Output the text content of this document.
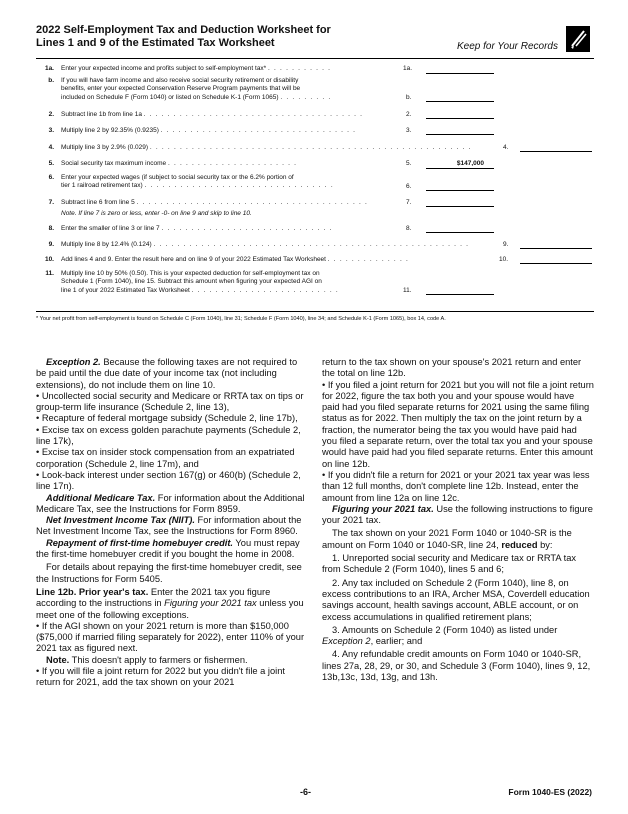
2022 Self-Employment Tax and Deduction Worksheet for
Lines 1 and 9 of the Estimated Tax Worksheet	Keep for Your Records
1a. Enter your expected income and profits subject to self-employment tax* . . . . . . . . . . .	1a.
b. If you will have farm income and also receive social security retirement or disability
benefits, enter your expected Conservation Reserve Program payments that will be
included on Schedule F (Form 1040) or listed on Schedule K-1 (Form 1065) . . . . . . . . .	b.
2. Subtract line 1b from line 1a . . . . . . . . . . . . . . . . . . . . . . . . . . . . . . . . . . . . .	2.
3. Multiply line 2 by 92.35% (0.9235) . . . . . . . . . . . . . . . . . . . . . . . . . . . . . . . . .	3.
4. Multiply line 3 by 2.9% (0.029) . . . . . . . . . . . . . . . . . . . . . . . . . . . . . . . . . . . . . . . . . . . . . . . . . . . . . .	4.
5. Social security tax maximum income . . . . . . . . . . . . . . . . . . . . . .	5.	$147,000
6. Enter your expected wages (if subject to social security tax or the 6.2% portion of
tier 1 railroad retirement tax) . . . . . . . . . . . . . . . . . . . . . . . . . . . . . . . .	6.
7. Subtract line 6 from line 5 . . . . . . . . . . . . . . . . . . . . . . . . . . . . . . . . . . . . . . .	7.
Note. If line 7 is zero or less, enter -0- on line 9 and skip to line 10.
8. Enter the smaller of line 3 or line 7 . . . . . . . . . . . . . . . . . . . . . . . . . . . . .	8.
9. Multiply line 8 by 12.4% (0.124) . . . . . . . . . . . . . . . . . . . . . . . . . . . . . . . . . . . . . . . . . . . . . . . . . . . . .	9.
10. Add lines 4 and 9. Enter the result here and on line 9 of your 2022 Estimated Tax Worksheet . . . . . . . . . . . . . .	10.
11. Multiply line 10 by 50% (0.50). This is your expected deduction for self-employment tax on
Schedule 1 (Form 1040), line 15. Subtract this amount when figuring your expected AGI on
line 1 of your 2022 Estimated Tax Worksheet . . . . . . . . . . . . . . . . . . . . . . . . .	11.
* Your net profit from self-employment is found on Schedule C (Form 1040), line 31; Schedule F (Form 1040), line 34; and Schedule K-1 (Form 1065), box 14, code A.

Exception 2. Because the following taxes are not required to be paid until the due date of your income tax (not including extensions), do not include them on line 10.

• Uncollected social security and Medicare or RRTA tax on tips or group-term life insurance (Schedule 2, line 13),

• Recapture of federal mortgage subsidy (Schedule 2, line 17b),

• Excise tax on excess golden parachute payments (Schedule 2, line 17k),

• Excise tax on insider stock compensation from an expatriated corporation (Schedule 2, line 17m), and

• Look-back interest under section 167(g) or 460(b) (Schedule 2, line 17n).

Additional Medicare Tax. For information about the Additional Medicare Tax, see the Instructions for Form 8959.

Net Investment Income Tax (NIIT). For information about the Net Investment Income Tax, see the Instructions for Form 8960.

Repayment of first-time homebuyer credit. You must repay the first-time homebuyer credit if you bought the home in 2008.

For details about repaying the first-time homebuyer credit, see the Instructions for Form 5405.

Line 12b. Prior year's tax. Enter the 2021 tax you figure according to the instructions in Figuring your 2021 tax unless you meet one of the following exceptions.

• If the AGI shown on your 2021 return is more than $150,000 ($75,000 if married filing separately for 2022), enter 110% of your 2021 tax as figured next.

Note. This doesn't apply to farmers or fishermen.

• If you will file a joint return for 2022 but you didn't file a joint return for 2021, add the tax shown on your 2021

return to the tax shown on your spouse's 2021 return and enter the total on line 12b.

• If you filed a joint return for 2021 but you will not file a joint return for 2022, figure the tax both you and your spouse would have paid had you filed separate returns for 2021 using the same filing status as for 2022. Then multiply the tax on the joint return by a fraction, the numerator being the tax you would have paid had you filed a separate return, over the total tax you and your spouse would have paid had you filed separate returns. Enter this amount on line 12b.

• If you didn't file a return for 2021 or your 2021 tax year was less than 12 full months, don't complete line 12b. Instead, enter the amount from line 12a on line 12c.

Figuring your 2021 tax. Use the following instructions to figure your 2021 tax.

The tax shown on your 2021 Form 1040 or 1040-SR is the amount on Form 1040 or 1040-SR, line 24, reduced by:

1. Unreported social security and Medicare tax or RRTA tax from Schedule 2 (Form 1040), lines 5 and 6;

2. Any tax included on Schedule 2 (Form 1040), line 8, on excess contributions to an IRA, Archer MSA, Coverdell education savings account, health savings account, ABLE account, or on excess accumulations in qualified retirement plans;

3. Amounts on Schedule 2 (Form 1040) as listed under Exception 2, earlier; and

4. Any refundable credit amounts on Form 1040 or 1040-SR, lines 27a, 28, 29, or 30, and Schedule 3 (Form 1040), lines 9, 12, 13b,13c, 13d, 13g, and 13h.

-6-	Form 1040-ES (2022)
